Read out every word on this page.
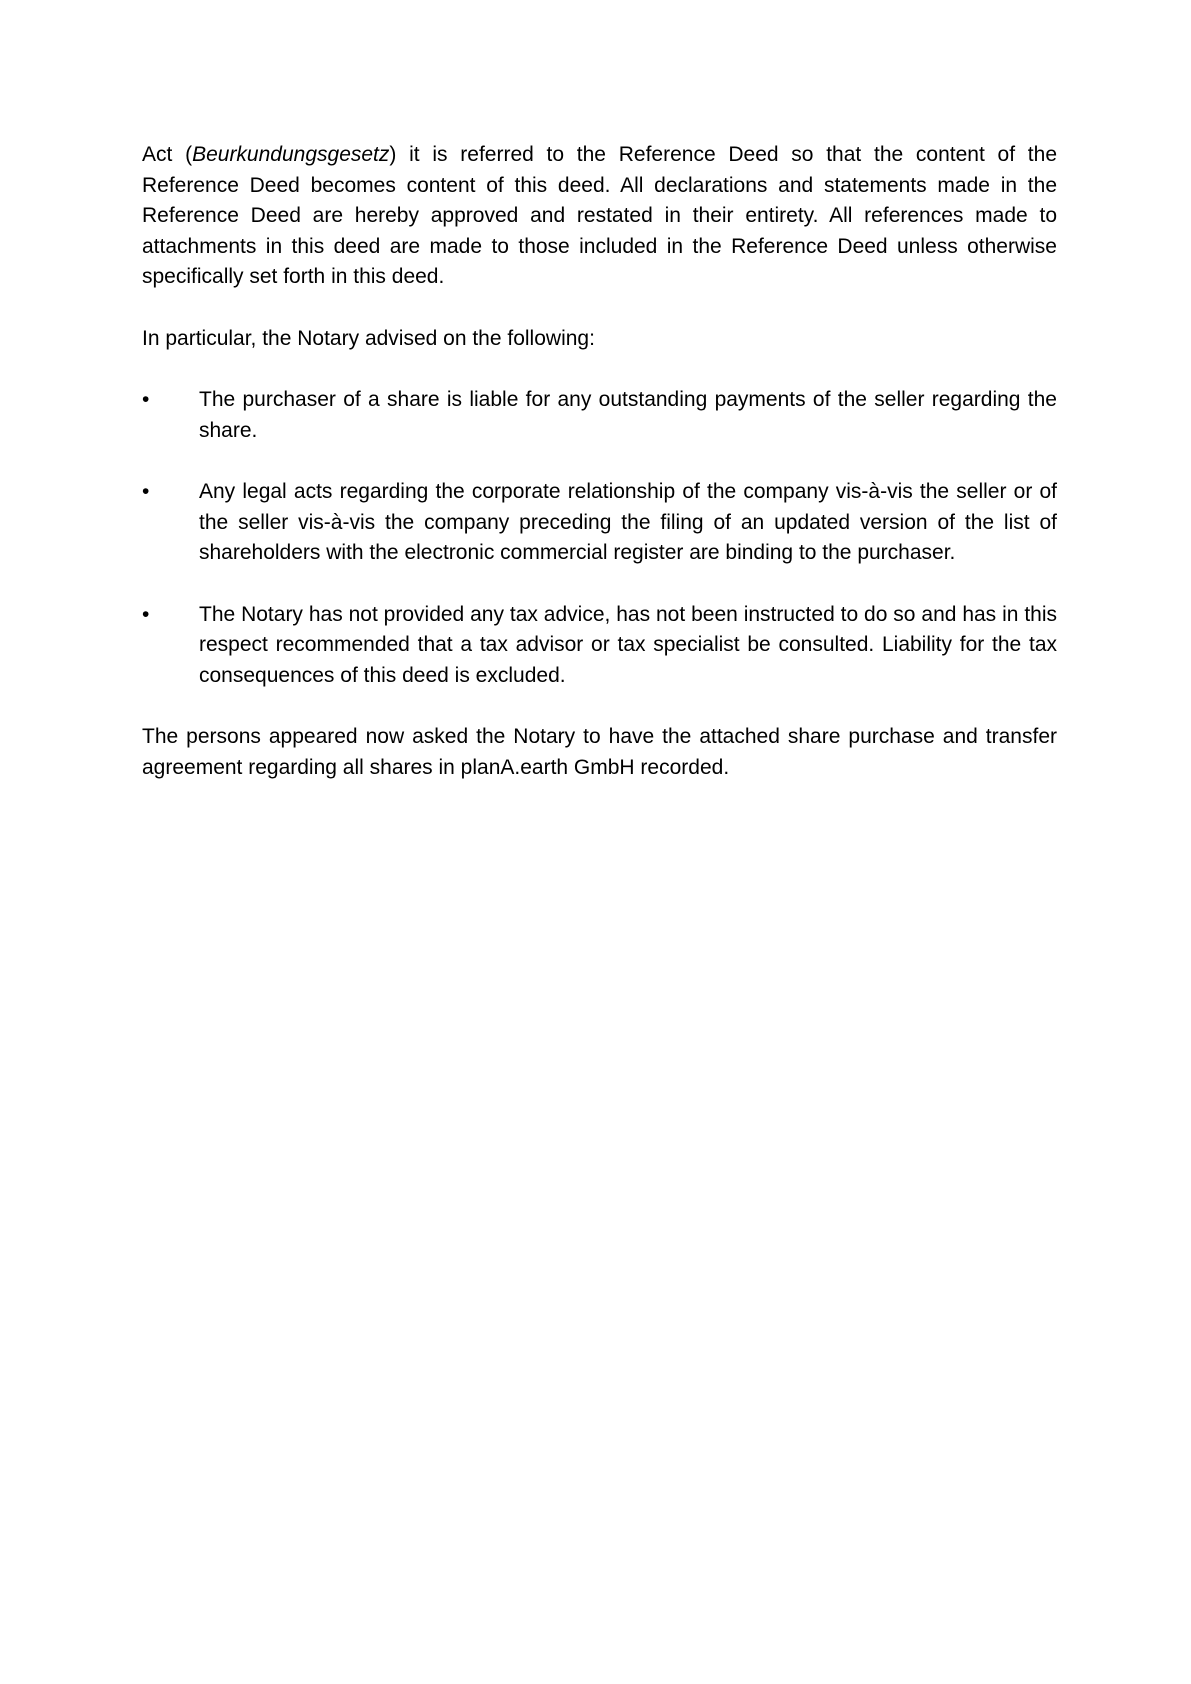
Act (Beurkundungsgesetz) it is referred to the Reference Deed so that the content of the Reference Deed becomes content of this deed. All declarations and statements made in the Reference Deed are hereby approved and restated in their entirety. All references made to attachments in this deed are made to those included in the Reference Deed unless otherwise specifically set forth in this deed.

In particular, the Notary advised on the following:

•
The purchaser of a share is liable for any outstanding payments of the seller regarding the share.
•
Any legal acts regarding the corporate relationship of the company vis-à-vis the seller or of the seller vis-à-vis the company preceding the filing of an updated version of the list of shareholders with the electronic commercial register are binding to the purchaser.
•
The Notary has not provided any tax advice, has not been instructed to do so and has in this respect recommended that a tax advisor or tax specialist be consulted. Liability for the tax consequences of this deed is excluded.

The persons appeared now asked the Notary to have the attached share purchase and transfer agreement regarding all shares in planA.earth GmbH recorded.
